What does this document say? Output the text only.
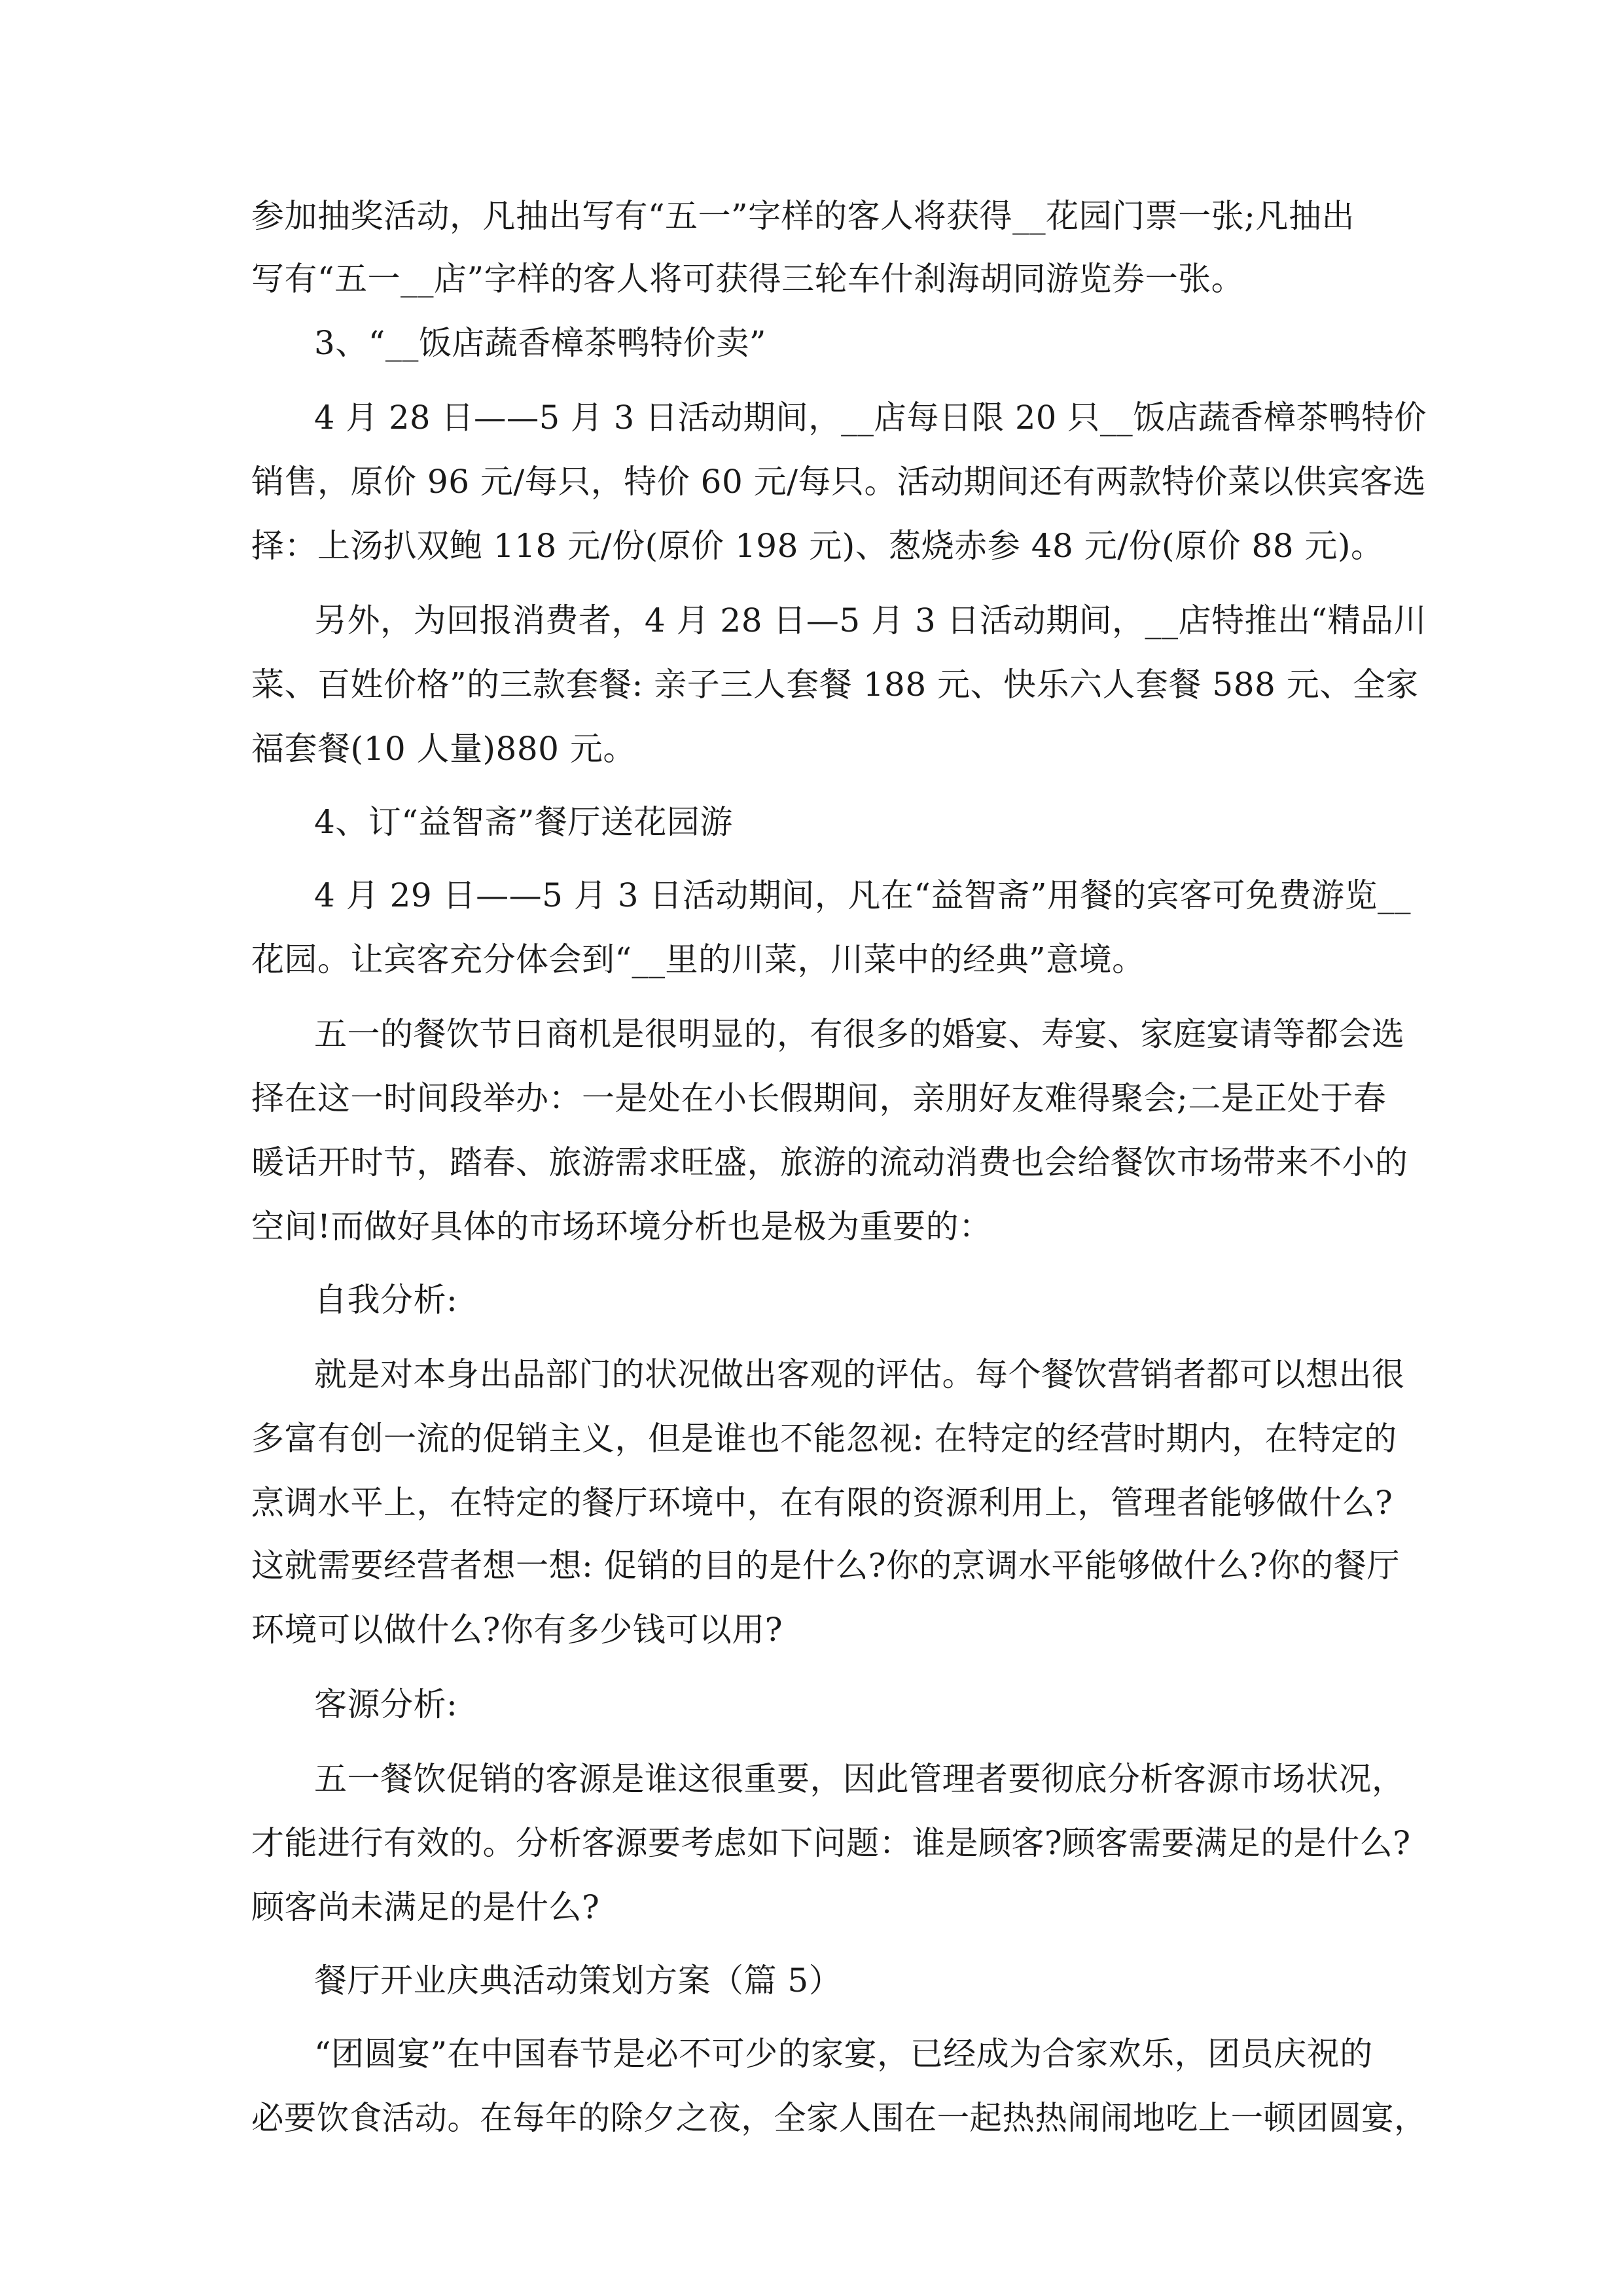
参加抽奖活动，凡抽出写有“五一”字样的客人将获得__花园门票一张;凡抽出
写有“五一__店”字样的客人将可获得三轮车什刹海胡同游览券一张。
3、“__饭店蔬香樟茶鸭特价卖”
4 月 28 日——5 月 3 日活动期间，__店每日限 20 只__饭店蔬香樟茶鸭特价
销售，原价 96 元/每只，特价 60 元/每只。活动期间还有两款特价菜以供宾客选
择：上汤扒双鲍 118 元/份(原价 198 元)、葱烧赤参 48 元/份(原价 88 元)。
另外，为回报消费者，4 月 28 日—5 月 3 日活动期间，__店特推出“精品川
菜、百姓价格”的三款套餐: 亲子三人套餐 188 元、快乐六人套餐 588 元、全家
福套餐(10 人量)880 元。
4、订“益智斋”餐厅送花园游
4 月 29 日——5 月 3 日活动期间，凡在“益智斋”用餐的宾客可免费游览__
花园。让宾客充分体会到“__里的川菜，川菜中的经典”意境。
五一的餐饮节日商机是很明显的，有很多的婚宴、寿宴、家庭宴请等都会选
择在这一时间段举办：一是处在小长假期间，亲朋好友难得聚会;二是正处于春
暖话开时节，踏春、旅游需求旺盛，旅游的流动消费也会给餐饮市场带来不小的
空间!而做好具体的市场环境分析也是极为重要的：
自我分析:
就是对本身出品部门的状况做出客观的评估。每个餐饮营销者都可以想出很
多富有创一流的促销主义，但是谁也不能忽视: 在特定的经营时期内，在特定的
烹调水平上，在特定的餐厅环境中，在有限的资源利用上，管理者能够做什么?
这就需要经营者想一想: 促销的目的是什么?你的烹调水平能够做什么?你的餐厅
环境可以做什么?你有多少钱可以用?
客源分析:
五一餐饮促销的客源是谁这很重要，因此管理者要彻底分析客源市场状况，
才能进行有效的。分析客源要考虑如下问题：谁是顾客?顾客需要满足的是什么?
顾客尚未满足的是什么?
餐厅开业庆典活动策划方案（篇 5）
“团圆宴”在中国春节是必不可少的家宴，已经成为合家欢乐，团员庆祝的
必要饮食活动。在每年的除夕之夜，全家人围在一起热热闹闹地吃上一顿团圆宴，
